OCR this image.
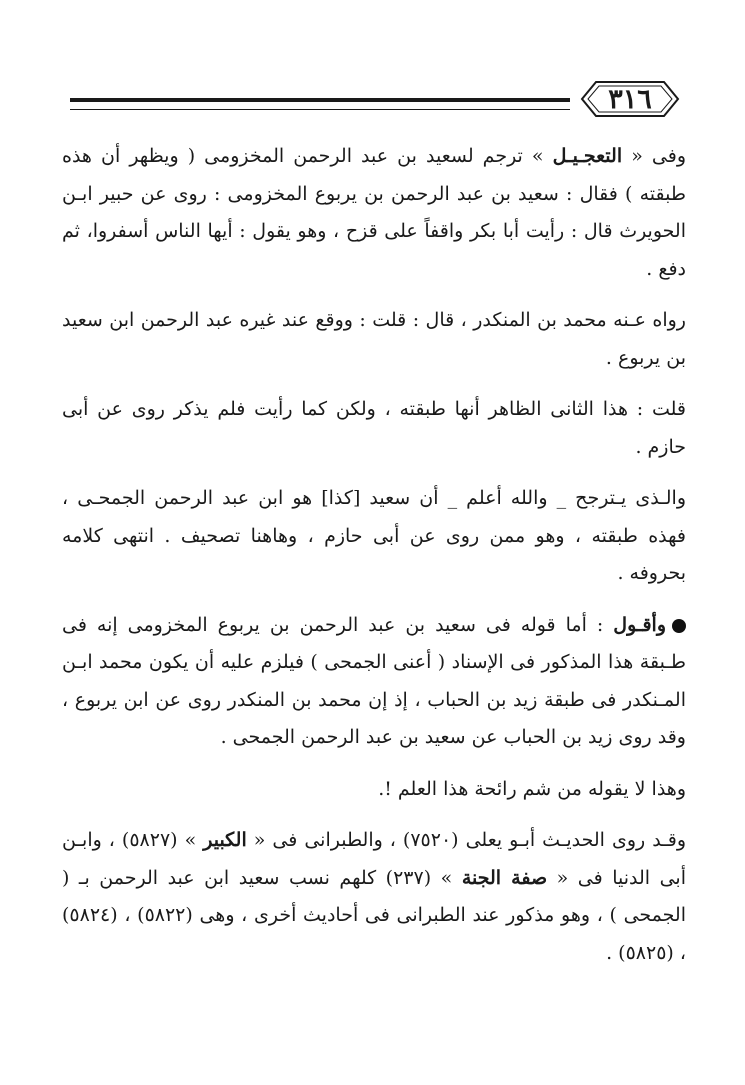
٣١٦

وفى « التعجـيـل » ترجم لسعيد بن عبد الرحمن المخزومى ( ويظهر أن هذه طبقته ) فقال : سعيد بن عبد الرحمن بن يربوع المخزومى : روى عن حبير ابـن الحويرث قال : رأيت أبا بكر واقفاً على قزح ، وهو يقول : أيها الناس أسفروا، ثم دفع .

رواه عـنه محمد بن المنكدر ، قال : قلت : ووقع عند غيره عبد الرحمن ابن سعيد بن يربوع .

قلت : هذا الثانى الظاهر أنها طبقته ، ولكن كما رأيت فلم يذكر روى عن أبى حازم .

والـذى يـترجح _ والله أعلم _ أن سعيد [كذا] هو ابن عبد الرحمن الجمحـى ، فهذه طبقته ، وهو ممن روى عن أبى حازم ، وهاهنا تصحيف . انتهى كلامه بحروفه .

وأقـول : أما قوله فى سعيد بن عبد الرحمن بن يربوع المخزومى إنه فى طـبقة هذا المذكور فى الإسناد ( أعنى الجمحى ) فيلزم عليه أن يكون محمد ابـن المـنكدر فى طبقة زيد بن الحباب ، إذ إن محمد بن المنكدر روى عن ابن يربوع ، وقد روى زيد بن الحباب عن سعيد بن عبد الرحمن الجمحى .

وهذا لا يقوله من شم رائحة هذا العلم !.

وقـد روى الحديـث أبـو يعلى (٧٥٢٠) ، والطبرانى فى « الكبير » (٥٨٢٧) ، وابـن أبى الدنيا فى « صفة الجنة » (٢٣٧) كلهم نسب سعيد ابن عبد الرحمن بـ ( الجمحى ) ، وهو مذكور عند الطبرانى فى أحاديث أخرى ، وهى (٥٨٢٢) ، (٥٨٢٤) ، (٥٨٢٥) .
